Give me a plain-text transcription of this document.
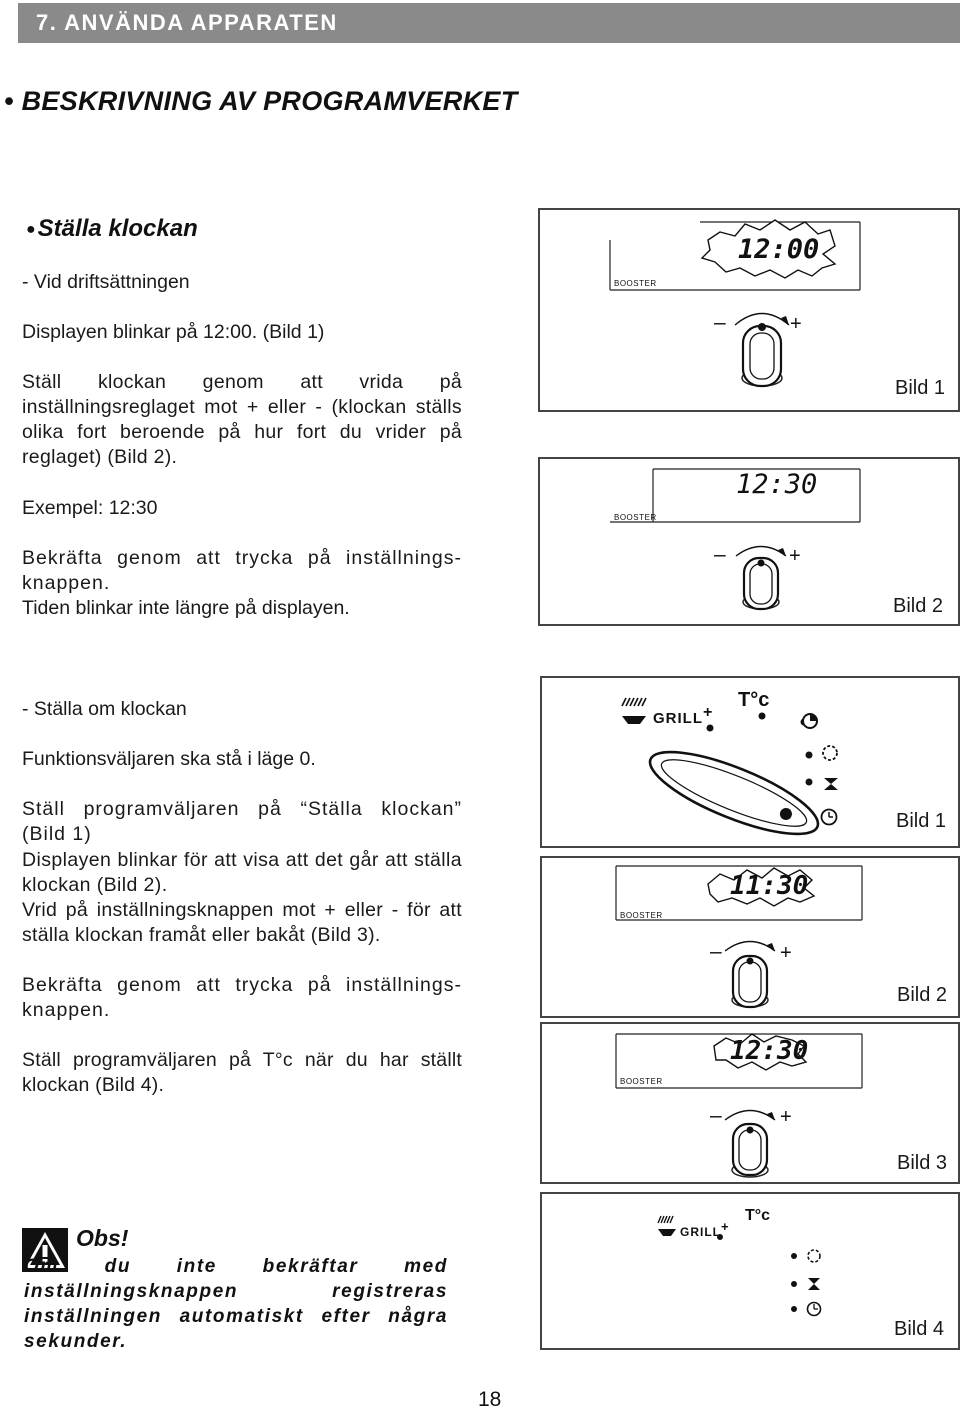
7. ANVÄNDA APPARATEN
• BESKRIVNING AV PROGRAMVERKET
●Ställa klockan
- Vid driftsättningen
Displayen blinkar på 12:00. (Bild 1)
Ställ klockan genom att vrida på inställningsreglaget mot + eller - (klockan ställs olika fort beroende på hur fort du vrider på reglaget) (Bild 2).
Exempel: 12:30
Bekräfta genom att trycka på inställnings-knappen.
Tiden blinkar inte längre på displayen.
- Ställa om klockan
Funktionsväljaren ska stå i läge 0.
Ställ programväljaren på “Ställa klockan” (Bild 1)
Displayen blinkar för att visa att det går att ställa klockan (Bild 2).
Vrid på inställningsknappen mot + eller - för att ställa klockan framåt eller bakåt (Bild 3).
Bekräfta genom att trycka på inställnings-knappen.
Ställ programväljaren på T°c när du har ställt klockan (Bild 4).
Obs!
Om du inte bekräftar med inställningsknappen registreras inställningen automatiskt efter några sekunder.
12:00
BOOSTER
–	+
Bild 1
12:30
BOOSTER
–	+
Bild 2
GRILL+
T°c
Bild 1
11:30
BOOSTER
–	+
Bild 2
12:30
BOOSTER
–	+
Bild 3
GRILL+
T°c
Bild 4
18
